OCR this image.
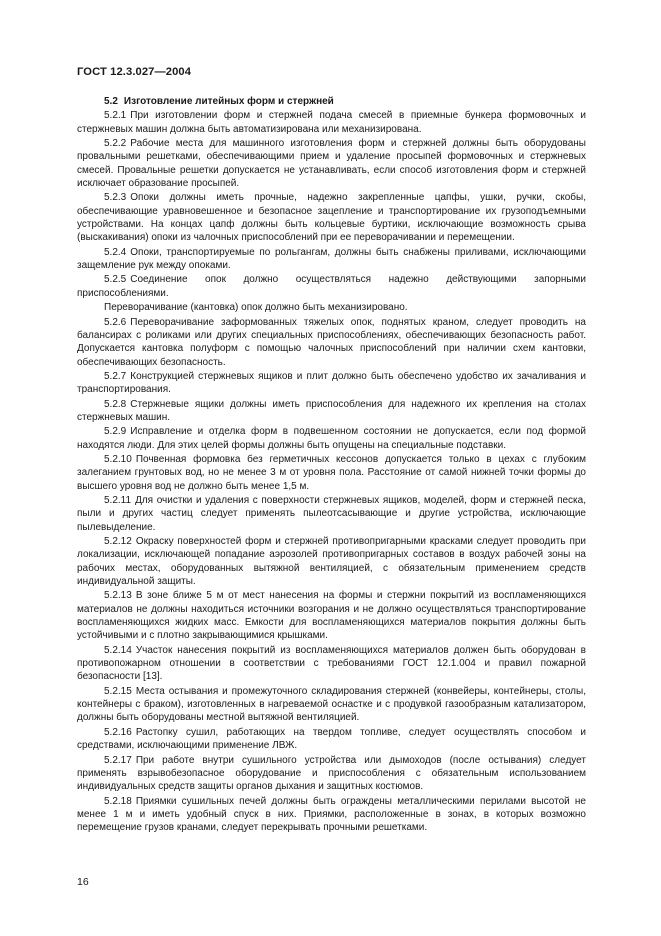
ГОСТ 12.3.027—2004

5.2 Изготовление литейных форм и стержней

5.2.1 При изготовлении форм и стержней подача смесей в приемные бункера формовочных и стержневых машин должна быть автоматизирована или механизирована.

5.2.2 Рабочие места для машинного изготовления форм и стержней должны быть оборудованы провальными решетками, обеспечивающими прием и удаление просыпей формовочных и стержневых смесей. Провальные решетки допускается не устанавливать, если способ изготовления форм и стержней исключает образование просыпей.

5.2.3 Опоки должны иметь прочные, надежно закрепленные цапфы, ушки, ручки, скобы, обеспечивающие уравновешенное и безопасное зацепление и транспортирование их грузоподъемными устройствами. На концах цапф должны быть кольцевые буртики, исключающие возможность срыва (выскакивания) опоки из чалочных приспособлений при ее переворачивании и перемещении.

5.2.4 Опоки, транспортируемые по рольгангам, должны быть снабжены приливами, исключающими защемление рук между опоками.

5.2.5 Соединение опок должно осуществляться надежно действующими запорными приспособлениями.

Переворачивание (кантовка) опок должно быть механизировано.

5.2.6 Переворачивание заформованных тяжелых опок, поднятых краном, следует проводить на балансирах с роликами или других специальных приспособлениях, обеспечивающих безопасность работ. Допускается кантовка полуформ с помощью чалочных приспособлений при наличии схем кантовки, обеспечивающих безопасность.

5.2.7 Конструкцией стержневых ящиков и плит должно быть обеспечено удобство их зачаливания и транспортирования.

5.2.8 Стержневые ящики должны иметь приспособления для надежного их крепления на столах стержневых машин.

5.2.9 Исправление и отделка форм в подвешенном состоянии не допускается, если под формой находятся люди. Для этих целей формы должны быть опущены на специальные подставки.

5.2.10 Почвенная формовка без герметичных кессонов допускается только в цехах с глубоким залеганием грунтовых вод, но не менее 3 м от уровня пола. Расстояние от самой нижней точки формы до высшего уровня вод не должно быть менее 1,5 м.

5.2.11 Для очистки и удаления с поверхности стержневых ящиков, моделей, форм и стержней песка, пыли и других частиц следует применять пылеотсасывающие и другие устройства, исключающие пылевыделение.

5.2.12 Окраску поверхностей форм и стержней противопригарными красками следует проводить при локализации, исключающей попадание аэрозолей противопригарных составов в воздух рабочей зоны на рабочих местах, оборудованных вытяжной вентиляцией, с обязательным применением средств индивидуальной защиты.

5.2.13 В зоне ближе 5 м от мест нанесения на формы и стержни покрытий из воспламеняющихся материалов не должны находиться источники возгорания и не должно осуществляться транспортирование воспламеняющихся жидких масс. Емкости для воспламеняющихся материалов покрытия должны быть устойчивыми и с плотно закрывающимися крышками.

5.2.14 Участок нанесения покрытий из воспламеняющихся материалов должен быть оборудован в противопожарном отношении в соответствии с требованиями ГОСТ 12.1.004 и правил пожарной безопасности [13].

5.2.15 Места остывания и промежуточного складирования стержней (конвейеры, контейнеры, столы, контейнеры с браком), изготовленных в нагреваемой оснастке и с продувкой газообразным катализатором, должны быть оборудованы местной вытяжной вентиляцией.

5.2.16 Растопку сушил, работающих на твердом топливе, следует осуществлять способом и средствами, исключающими применение ЛВЖ.

5.2.17 При работе внутри сушильного устройства или дымоходов (после остывания) следует применять взрывобезопасное оборудование и приспособления с обязательным использованием индивидуальных средств защиты органов дыхания и защитных костюмов.

5.2.18 Приямки сушильных печей должны быть ограждены металлическими перилами высотой не менее 1 м и иметь удобный спуск в них. Приямки, расположенные в зонах, в которых возможно перемещение грузов кранами, следует перекрывать прочными решетками.

16
